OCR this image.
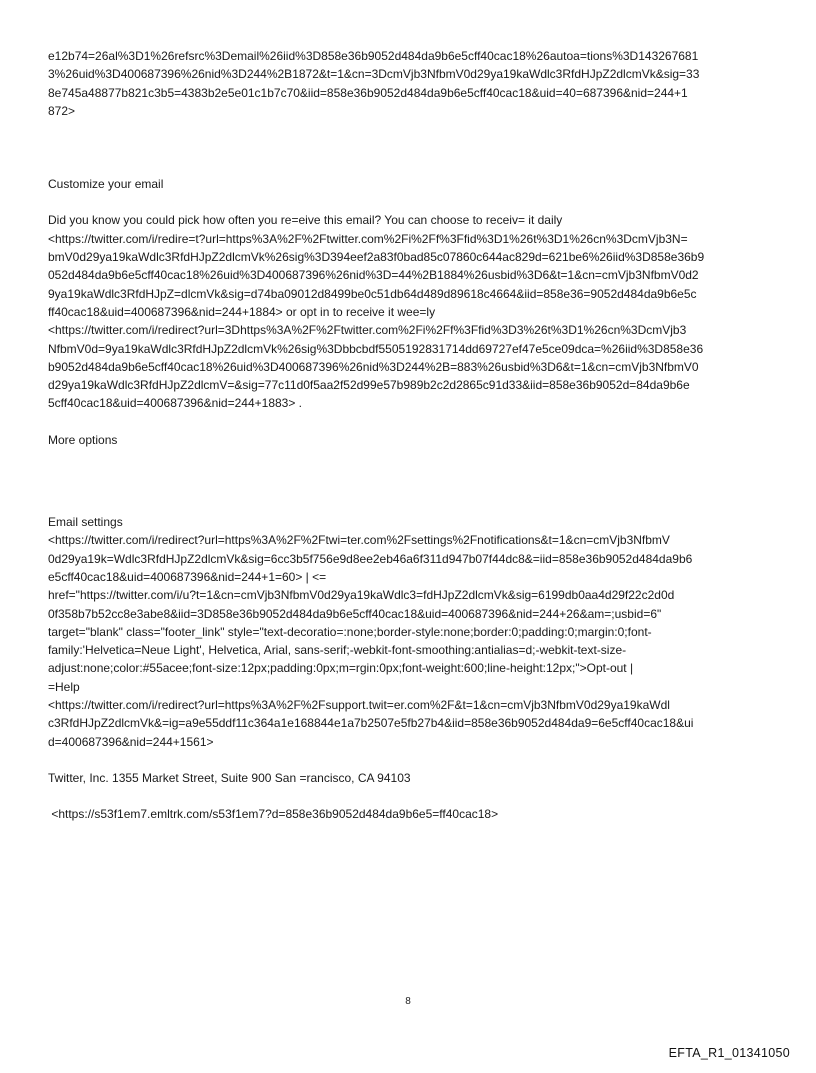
e12b74=26al%3D1%26refsrc%3Demail%26iid%3D858e36b9052d484da9b6e5cff40cac18%26autoa=tions%3D143267681

3%26uid%3D400687396%26nid%3D244%2B1872&t=1&cn=3DcmVjb3NfbmV0d29ya19kaWdlc3RfdHJpZ2dlcmVk&sig=33

8e745a48877b821c3b5=4383b2e5e01c1b7c70&iid=858e36b9052d484da9b6e5cff40cac18&uid=40=687396&nid=244+1

872>

Customize your email

Did you know you could pick how often you re=eive this email? You can choose to receiv= it daily

<https://twitter.com/i/redire=t?url=https%3A%2F%2Ftwitter.com%2Fi%2Ff%3Ffid%3D1%26t%3D1%26cn%3DcmVjb3N=

bmV0d29ya19kaWdlc3RfdHJpZ2dlcmVk%26sig%3D394eef2a83f0bad85c07860c644ac829d=621be6%26iid%3D858e36b9

052d484da9b6e5cff40cac18%26uid%3D400687396%26nid%3D=44%2B1884%26usbid%3D6&t=1&cn=cmVjb3NfbmV0d2

9ya19kaWdlc3RfdHJpZ=dlcmVk&sig=d74ba09012d8499be0c51db64d489d89618c4664&iid=858e36=9052d484da9b6e5c

ff40cac18&uid=400687396&nid=244+1884> or opt in to receive it wee=ly

<https://twitter.com/i/redirect?url=3Dhttps%3A%2F%2Ftwitter.com%2Fi%2Ff%3Ffid%3D3%26t%3D1%26cn%3DcmVjb3

NfbmV0d=9ya19kaWdlc3RfdHJpZ2dlcmVk%26sig%3Dbbcbdf5505192831714dd69727ef47e5ce09dca=%26iid%3D858e36

b9052d484da9b6e5cff40cac18%26uid%3D400687396%26nid%3D244%2B=883%26usbid%3D6&t=1&cn=cmVjb3NfbmV0

d29ya19kaWdlc3RfdHJpZ2dlcmV=&sig=77c11d0f5aa2f52d99e57b989b2c2d2865c91d33&iid=858e36b9052d=84da9b6e

5cff40cac18&uid=400687396&nid=244+1883> .

More options

Email settings

<https://twitter.com/i/redirect?url=https%3A%2F%2Ftwi=ter.com%2Fsettings%2Fnotifications&t=1&cn=cmVjb3NfbmV

0d29ya19k=Wdlc3RfdHJpZ2dlcmVk&sig=6cc3b5f756e9d8ee2eb46a6f311d947b07f44dc8&=iid=858e36b9052d484da9b6

e5cff40cac18&uid=400687396&nid=244+1=60> | <=

href="https://twitter.com/i/u?t=1&cn=cmVjb3NfbmV0d29ya19kaWdlc3=fdHJpZ2dlcmVk&sig=6199db0aa4d29f22c2d0d

0f358b7b52cc8e3abe8&iid=3D858e36b9052d484da9b6e5cff40cac18&uid=400687396&nid=244+26&am=;usbid=6"

target="blank" class="footer_link" style="text-decoratio=:none;border-style:none;border:0;padding:0;margin:0;font-

family:'Helvetica=Neue Light', Helvetica, Arial, sans-serif;-webkit-font-smoothing:antialias=d;-webkit-text-size-

adjust:none;color:#55acee;font-size:12px;padding:0px;m=rgin:0px;font-weight:600;line-height:12px;">Opt-out |

=Help

<https://twitter.com/i/redirect?url=https%3A%2F%2Fsupport.twit=er.com%2F&t=1&cn=cmVjb3NfbmV0d29ya19kaWdl

c3RfdHJpZ2dlcmVk&=ig=a9e55ddf11c364a1e168844e1a7b2507e5fb27b4&iid=858e36b9052d484da9=6e5cff40cac18&ui

d=400687396&nid=244+1561>

Twitter, Inc. 1355 Market Street, Suite 900 San =rancisco, CA 94103

<https://s53f1em7.emltrk.com/s53f1em7?d=858e36b9052d484da9b6e5=ff40cac18>

8
EFTA_R1_01341050
